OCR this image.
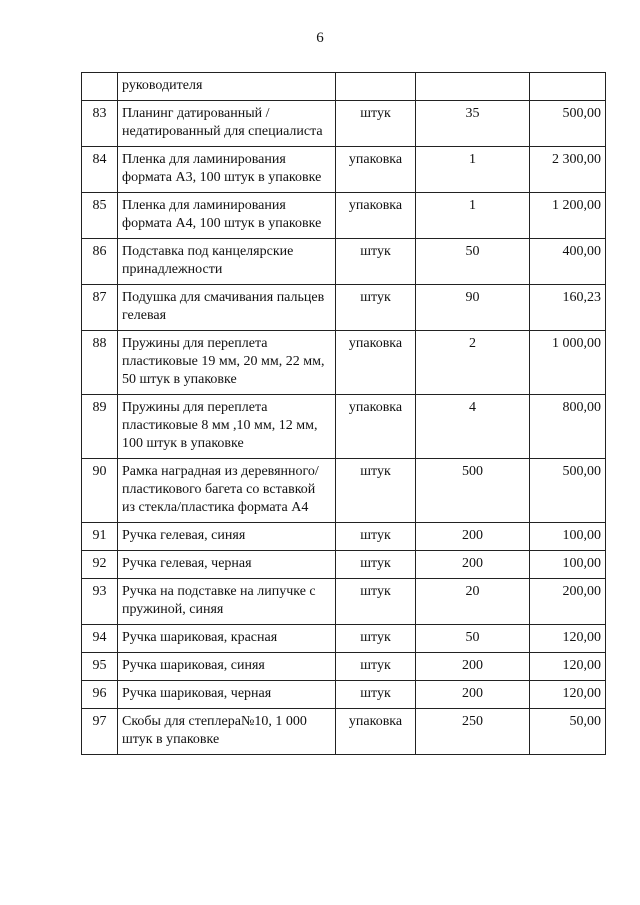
6
	руководителя			
83	Планинг датированный / недатированный для специалиста	штук	35	500,00
84	Пленка для ламинирования формата А3, 100 штук в упаковке	упаковка	1	2 300,00
85	Пленка для ламинирования формата А4, 100 штук в упаковке	упаковка	1	1 200,00
86	Подставка под канцелярские принадлежности	штук	50	400,00
87	Подушка для смачивания пальцев гелевая	штук	90	160,23
88	Пружины для переплета пластиковые 19 мм, 20 мм, 22 мм, 50 штук в упаковке	упаковка	2	1 000,00
89	Пружины для переплета пластиковые 8 мм ,10 мм, 12 мм, 100 штук в упаковке	упаковка	4	800,00
90	Рамка наградная из деревянного/пластикового багета со вставкой из стекла/пластика формата А4	штук	500	500,00
91	Ручка гелевая, синяя	штук	200	100,00
92	Ручка гелевая, черная	штук	200	100,00
93	Ручка на подставке на липучке с пружиной, синяя	штук	20	200,00
94	Ручка шариковая, красная	штук	50	120,00
95	Ручка шариковая, синяя	штук	200	120,00
96	Ручка шариковая, черная	штук	200	120,00
97	Скобы для степлера№10, 1 000 штук в упаковке	упаковка	250	50,00
